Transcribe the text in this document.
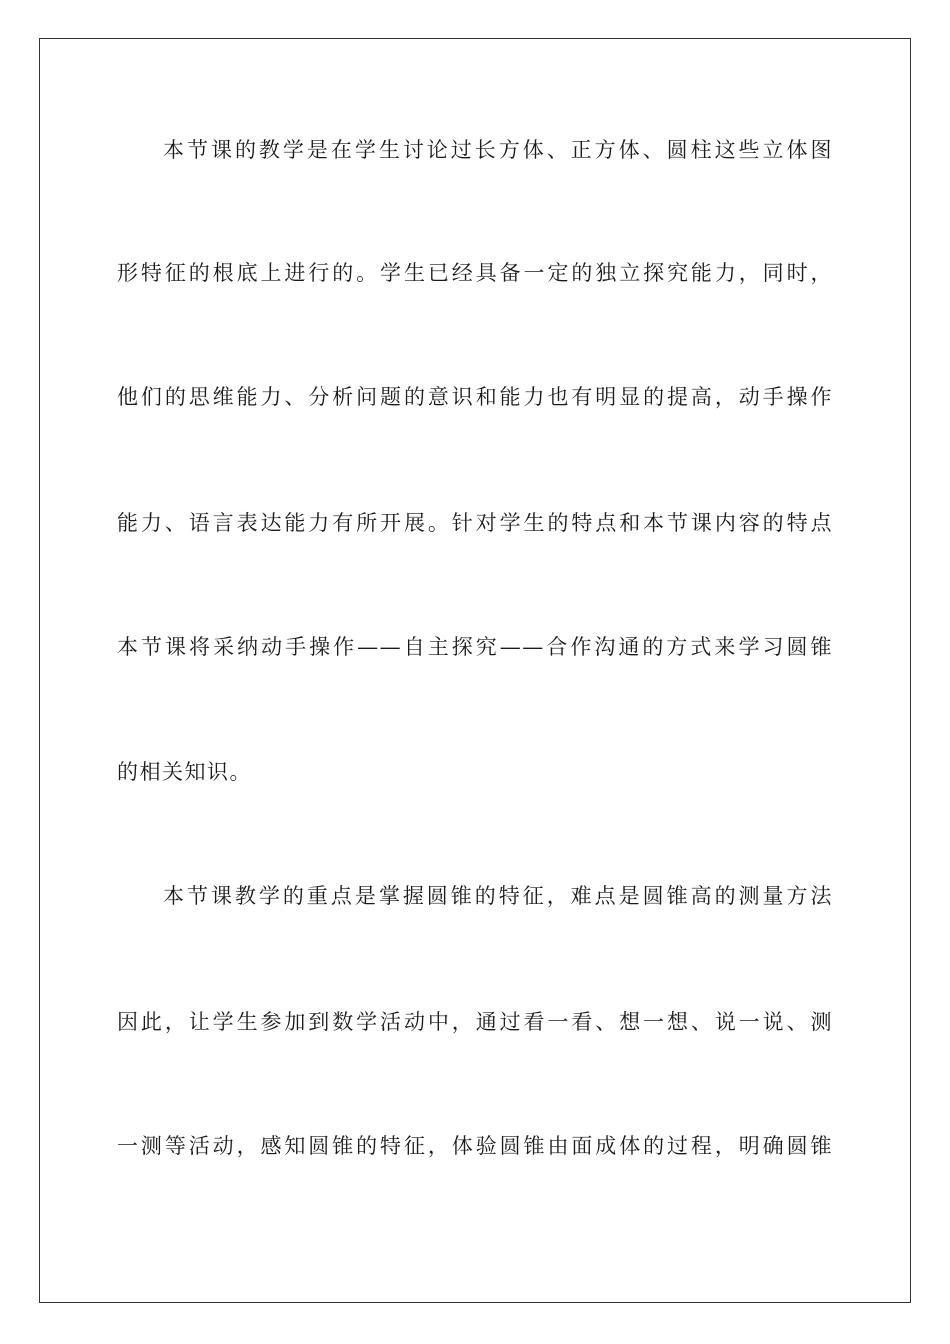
本节课的教学是在学生讨论过长方体、正方体、圆柱这些立体图
形特征的根底上进行的。学生已经具备一定的独立探究能力，同时，
他们的思维能力、分析问题的意识和能力也有明显的提高，动手操作
能力、语言表达能力有所开展。针对学生的特点和本节课内容的特点
本节课将采纳动手操作——自主探究——合作沟通的方式来学习圆锥
的相关知识。
本节课教学的重点是掌握圆锥的特征，难点是圆锥高的测量方法
因此，让学生参加到数学活动中，通过看一看、想一想、说一说、测
一测等活动，感知圆锥的特征，体验圆锥由面成体的过程，明确圆锥
